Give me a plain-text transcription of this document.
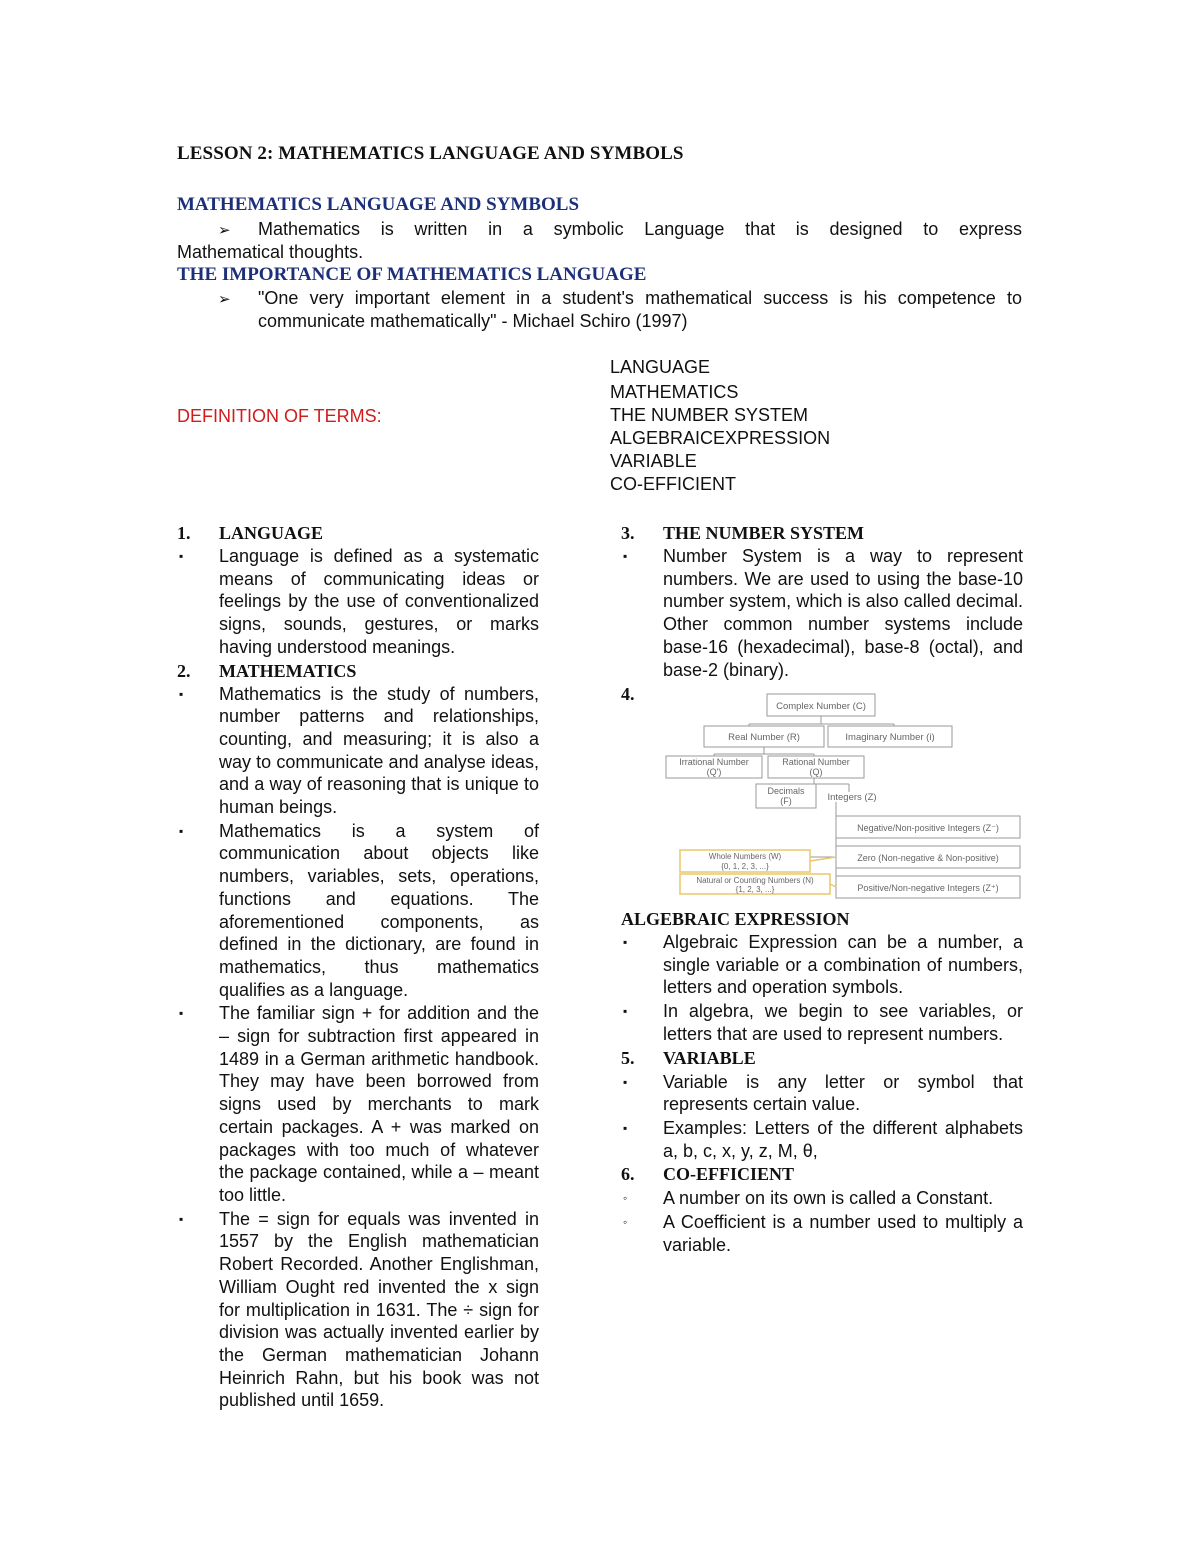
LESSON 2: MATHEMATICS LANGUAGE AND SYMBOLS
MATHEMATICS LANGUAGE AND SYMBOLS
➢ Mathematics is written in a symbolic Language that is designed to express
Mathematical thoughts.
THE IMPORTANCE OF MATHEMATICS LANGUAGE
➢ "One very important element in a student's mathematical success is his competence to
communicate mathematically" - Michael Schiro (1997)
DEFINITION OF TERMS:
LANGUAGE
MATHEMATICS
THE NUMBER SYSTEM
ALGEBRAICEXPRESSION
VARIABLE
CO-EFFICIENT
1. LANGUAGE
▪ Language is defined as a systematic means of communicating ideas or feelings by the use of conventionalized signs, sounds, gestures, or marks having understood meanings.
2. MATHEMATICS
▪ Mathematics is the study of numbers, number patterns and relationships, counting, and measuring; it is also a way to communicate and analyse ideas, and a way of reasoning that is unique to human beings.
▪ Mathematics is a system of communication about objects like numbers, variables, sets, operations, functions and equations. The aforementioned components, as defined in the dictionary, are found in mathematics, thus mathematics qualifies as a language.
▪ The familiar sign + for addition and the – sign for subtraction first appeared in 1489 in a German arithmetic handbook. They may have been borrowed from signs used by merchants to mark certain packages. A + was marked on packages with too much of whatever the package contained, while a – meant too little.
▪ The = sign for equals was invented in 1557 by the English mathematician Robert Recorded. Another Englishman, William Ought red invented the x sign for multiplication in 1631. The ÷ sign for division was actually invented earlier by the German mathematician Johann Heinrich Rahn, but his book was not published until 1659.
3. THE NUMBER SYSTEM
▪ Number System is a way to represent numbers. We are used to using the base-10 number system, which is also called decimal. Other common number systems include base-16 (hexadecimal), base-8 (octal), and base-2 (binary).
4.
Complex Number (C)
Real Number (R)	Imaginary Number (i)
Irrational Number
(Q')
Rational Number
(Q)
Decimals
(F)	Integers (Z)
Negative/Non-positive Integers (Z⁻)
Zero (Non-negative & Non-positive)
Positive/Non-negative Integers (Z⁺)
Whole Numbers (W)
{0, 1, 2, 3, ...}
Natural or Counting Numbers (N)
{1, 2, 3, ...}
ALGEBRAIC EXPRESSION
▪ Algebraic Expression can be a number, a single variable or a combination of numbers, letters and operation symbols.
▪ In algebra, we begin to see variables, or letters that are used to represent numbers.
5. VARIABLE
▪ Variable is any letter or symbol that represents certain value.
▪ Examples: Letters of the different alphabets a, b, c, x, y, z, M, θ,
6. CO-EFFICIENT
◦ A number on its own is called a Constant.
◦ A Coefficient is a number used to multiply a variable.
